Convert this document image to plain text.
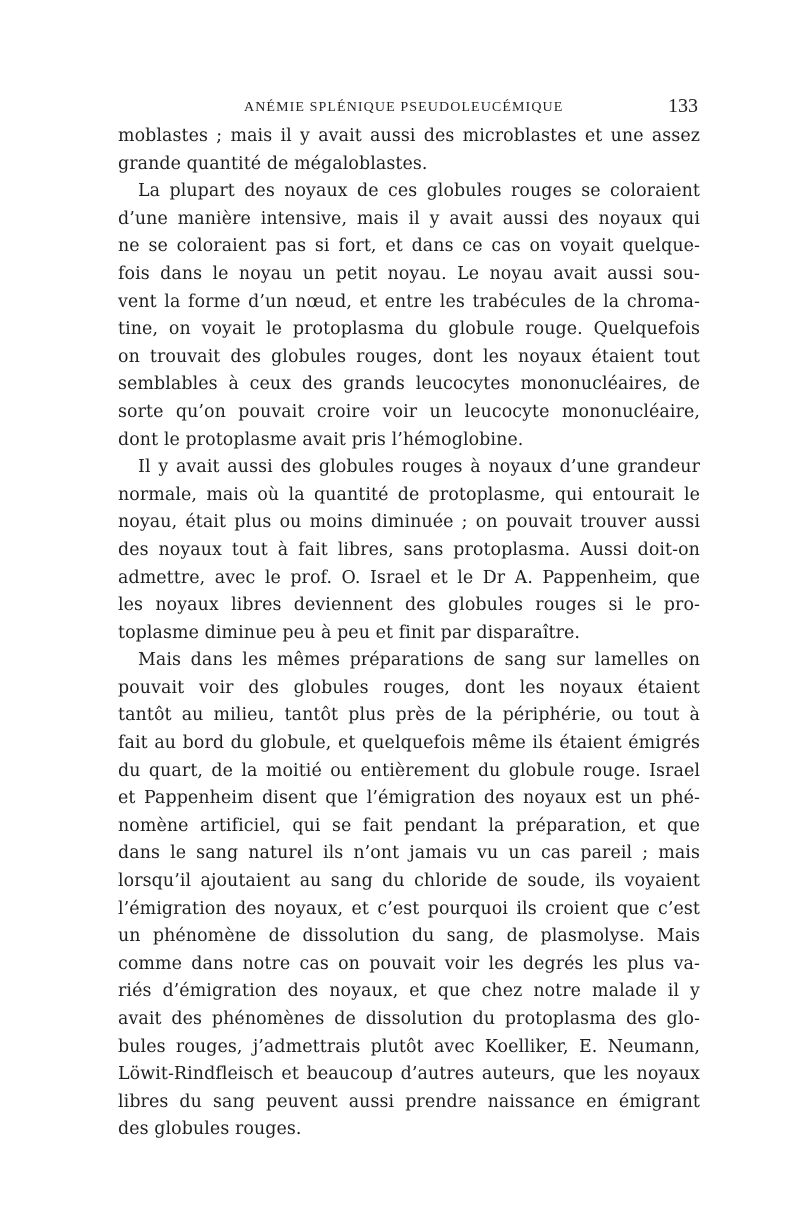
ANÉMIE SPLÉNIQUE PSEUDOLEUCÉMIQUE	133
moblastes ; mais il y avait aussi des microblastes et une assez
grande quantité de mégaloblastes.
La plupart des noyaux de ces globules rouges se coloraient
d’une manière intensive, mais il y avait aussi des noyaux qui
ne se coloraient pas si fort, et dans ce cas on voyait quelque-
fois dans le noyau un petit noyau. Le noyau avait aussi sou-
vent la forme d’un nœud, et entre les trabécules de la chroma-
tine, on voyait le protoplasma du globule rouge. Quelquefois
on trouvait des globules rouges, dont les noyaux étaient tout
semblables à ceux des grands leucocytes mononucléaires, de
sorte qu’on pouvait croire voir un leucocyte mononucléaire,
dont le protoplasme avait pris l’hémoglobine.
Il y avait aussi des globules rouges à noyaux d’une grandeur
normale, mais où la quantité de protoplasme, qui entourait le
noyau, était plus ou moins diminuée ; on pouvait trouver aussi
des noyaux tout à fait libres, sans protoplasma. Aussi doit-on
admettre, avec le prof. O. Israel et le Dr A. Pappenheim, que
les noyaux libres deviennent des globules rouges si le pro-
toplasme diminue peu à peu et finit par disparaître.
Mais dans les mêmes préparations de sang sur lamelles on
pouvait voir des globules rouges, dont les noyaux étaient
tantôt au milieu, tantôt plus près de la périphérie, ou tout à
fait au bord du globule, et quelquefois même ils étaient émigrés
du quart, de la moitié ou entièrement du globule rouge. Israel
et Pappenheim disent que l’émigration des noyaux est un phé-
nomène artificiel, qui se fait pendant la préparation, et que
dans le sang naturel ils n’ont jamais vu un cas pareil ; mais
lorsqu’il ajoutaient au sang du chloride de soude, ils voyaient
l’émigration des noyaux, et c’est pourquoi ils croient que c’est
un phénomène de dissolution du sang, de plasmolyse. Mais
comme dans notre cas on pouvait voir les degrés les plus va-
riés d’émigration des noyaux, et que chez notre malade il y
avait des phénomènes de dissolution du protoplasma des glo-
bules rouges, j’admettrais plutôt avec Koelliker, E. Neumann,
Löwit-Rindfleisch et beaucoup d’autres auteurs, que les noyaux
libres du sang peuvent aussi prendre naissance en émigrant
des globules rouges.
